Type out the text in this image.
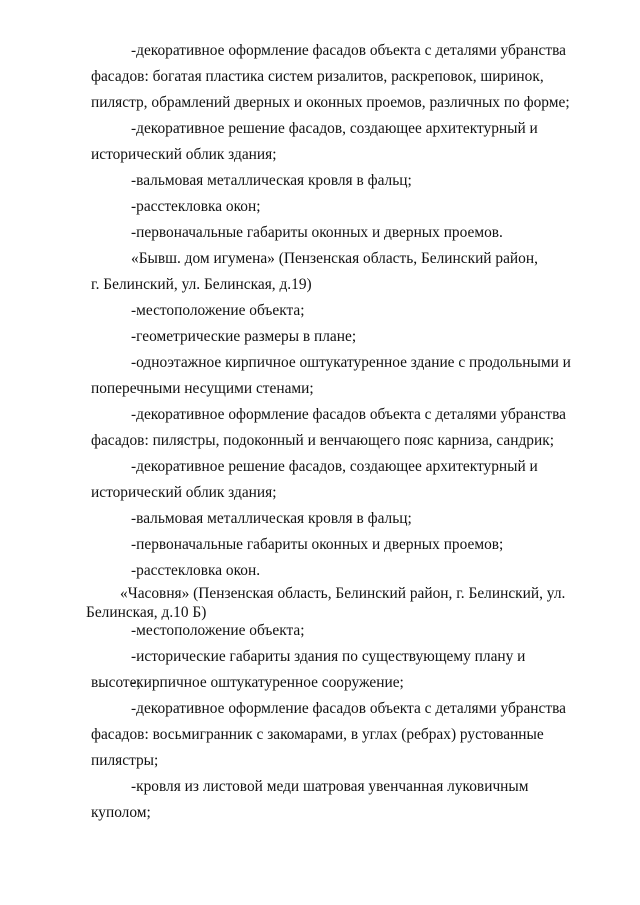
-декоративное оформление фасадов объекта с деталями убранства
фасадов: богатая пластика систем ризалитов, раскреповок, ширинок,
пилястр, обрамлений дверных и оконных проемов, различных по форме;
-декоративное решение фасадов, создающее архитектурный и
исторический облик здания;
-вальмовая металлическая кровля в фальц;
-расстекловка окон;
-первоначальные габариты оконных и дверных проемов.
«Бывш. дом игумена» (Пензенская область, Белинский район,
г. Белинский, ул. Белинская, д.19)
-местоположение объекта;
-геометрические размеры в плане;
-одноэтажное кирпичное оштукатуренное здание с продольными и
поперечными несущими стенами;
-декоративное оформление фасадов объекта с деталями убранства
фасадов: пилястры, подоконный и венчающего пояс карниза, сандрик;
-декоративное решение фасадов, создающее архитектурный и
исторический облик здания;
-вальмовая металлическая кровля в фальц;
-первоначальные габариты оконных и дверных проемов;
-расстекловка окон.
«Часовня» (Пензенская область, Белинский район, г. Белинский, ул.
Белинская, д.10 Б)
-местоположение объекта;
-исторические габариты здания по существующему плану и высоте;
-кирпичное оштукатуренное сооружение;
-декоративное оформление фасадов объекта с деталями убранства
фасадов: восьмигранник с закомарами, в углах (ребрах) рустованные
пилястры;
-кровля из листовой меди шатровая увенчанная луковичным
куполом;
